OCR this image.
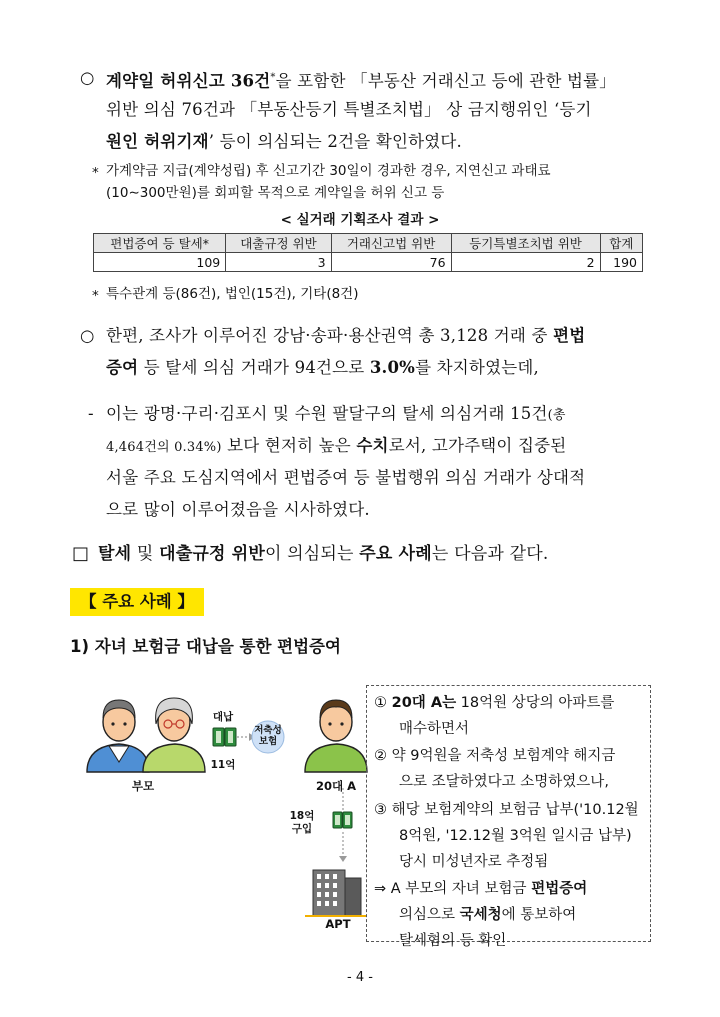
○ 계약일 허위신고 36건*을 포함한 「부동산 거래신고 등에 관한 법률」
위반 의심 76건과 「부동산등기 특별조치법」 상 금지행위인 ‘등기
원인 허위기재’ 등이 의심되는 2건을 확인하였다.
* 가계약금 지급(계약성립) 후 신고기간 30일이 경과한 경우, 지연신고 과태료
(10∼300만원)를 회피할 목적으로 계약일을 허위 신고 등
< 실거래 기획조사 결과 >
편법증여 등 탈세*	대출규정 위반	거래신고법 위반	등기특별조치법 위반	합계
109	3	76	2	190
* 특수관계 등(86건), 법인(15건), 기타(8건)
○ 한편, 조사가 이루어진 강남·송파·용산권역 총 3,128 거래 중 편법
증여 등 탈세 의심 거래가 94건으로 3.0%를 차지하였는데,
- 이는 광명·구리·김포시 및 수원 팔달구의 탈세 의심거래 15건(총
4,464건의 0.34%) 보다 현저히 높은 수치로서, 고가주택이 집중된
서울 주요 도심지역에서 편법증여 등 불법행위 의심 거래가 상대적
으로 많이 이루어졌음을 시사하였다.
□ 탈세 및 대출규정 위반이 의심되는 주요 사례는 다음과 같다.
【 주요 사례 】
1) 자녀 보험금 대납을 통한 편법증여
대납
11억
저축성
보험
부모	20대 A
18억
구입
APT
① 20대 A는 18억원 상당의 아파트를
매수하면서
② 약 9억원을 저축성 보험계약 해지금
으로 조달하였다고 소명하였으나,
③ 해당 보험계약의 보험금 납부('10.12월
8억원, '12.12월 3억원 일시금 납부)
당시 미성년자로 추정됨
⇒ A 부모의 자녀 보험금 편법증여
의심으로 국세청에 통보하여
탈세혐의 등 확인
- 4 -
